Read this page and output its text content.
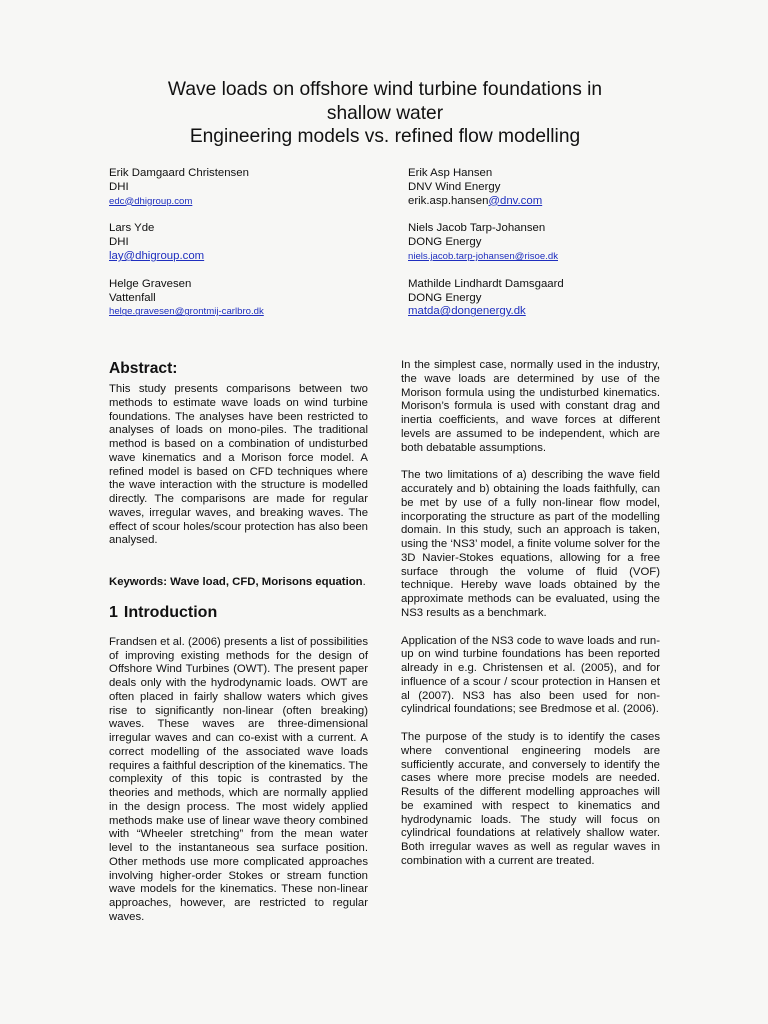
Wave loads on offshore wind turbine foundations in
shallow water
Engineering models vs. refined flow modelling
Erik Damgaard Christensen
DHI
edc@dhigroup.com
Lars Yde
DHI
lay@dhigroup.com
Helge Gravesen
Vattenfall
helge.gravesen@grontmij-carlbro.dk
Erik Asp Hansen
DNV Wind Energy
erik.asp.hansen@dnv.com
Niels Jacob Tarp-Johansen
DONG Energy
niels.jacob.tarp-johansen@risoe.dk
Mathilde Lindhardt Damsgaard
DONG Energy
matda@dongenergy.dk
Abstract:

This study presents comparisons between two methods to estimate wave loads on wind turbine foundations. The analyses have been restricted to analyses of loads on mono-piles. The traditional method is based on a combination of undisturbed wave kinematics and a Morison force model. A refined model is based on CFD techniques where the wave interaction with the structure is modelled directly. The comparisons are made for regular waves, irregular waves, and breaking waves. The effect of scour holes/scour protection has also been analysed.

Keywords: Wave load, CFD, Morisons equation.

1 Introduction

Frandsen et al. (2006) presents a list of possibilities of improving existing methods for the design of Offshore Wind Turbines (OWT). The present paper deals only with the hydrodynamic loads. OWT are often placed in fairly shallow waters which gives rise to significantly non-linear (often breaking) waves. These waves are three-dimensional irregular waves and can co-exist with a current. A correct modelling of the associated wave loads requires a faithful description of the kinematics. The complexity of this topic is contrasted by the theories and methods, which are normally applied in the design process. The most widely applied methods make use of linear wave theory combined with “Wheeler stretching” from the mean water level to the instantaneous sea surface position. Other methods use more complicated approaches involving higher-order Stokes or stream function wave models for the kinematics. These non-linear approaches, however, are restricted to regular waves.

In the simplest case, normally used in the industry, the wave loads are determined by use of the Morison formula using the undisturbed kinematics. Morison’s formula is used with constant drag and inertia coefficients, and wave forces at different levels are assumed to be independent, which are both debatable assumptions.

The two limitations of a) describing the wave field accurately and b) obtaining the loads faithfully, can be met by use of a fully non-linear flow model, incorporating the structure as part of the modelling domain. In this study, such an approach is taken, using the ‘NS3’ model, a finite volume solver for the 3D Navier-Stokes equations, allowing for a free surface through the volume of fluid (VOF) technique. Hereby wave loads obtained by the approximate methods can be evaluated, using the NS3 results as a benchmark.

Application of the NS3 code to wave loads and run-up on wind turbine foundations has been reported already in e.g. Christensen et al. (2005), and for influence of a scour / scour protection in Hansen et al (2007). NS3 has also been used for non-cylindrical foundations; see Bredmose et al. (2006).

The purpose of the study is to identify the cases where conventional engineering models are sufficiently accurate, and conversely to identify the cases where more precise models are needed. Results of the different modelling approaches will be examined with respect to kinematics and hydrodynamic loads. The study will focus on cylindrical foundations at relatively shallow water. Both irregular waves as well as regular waves in combination with a current are treated.
